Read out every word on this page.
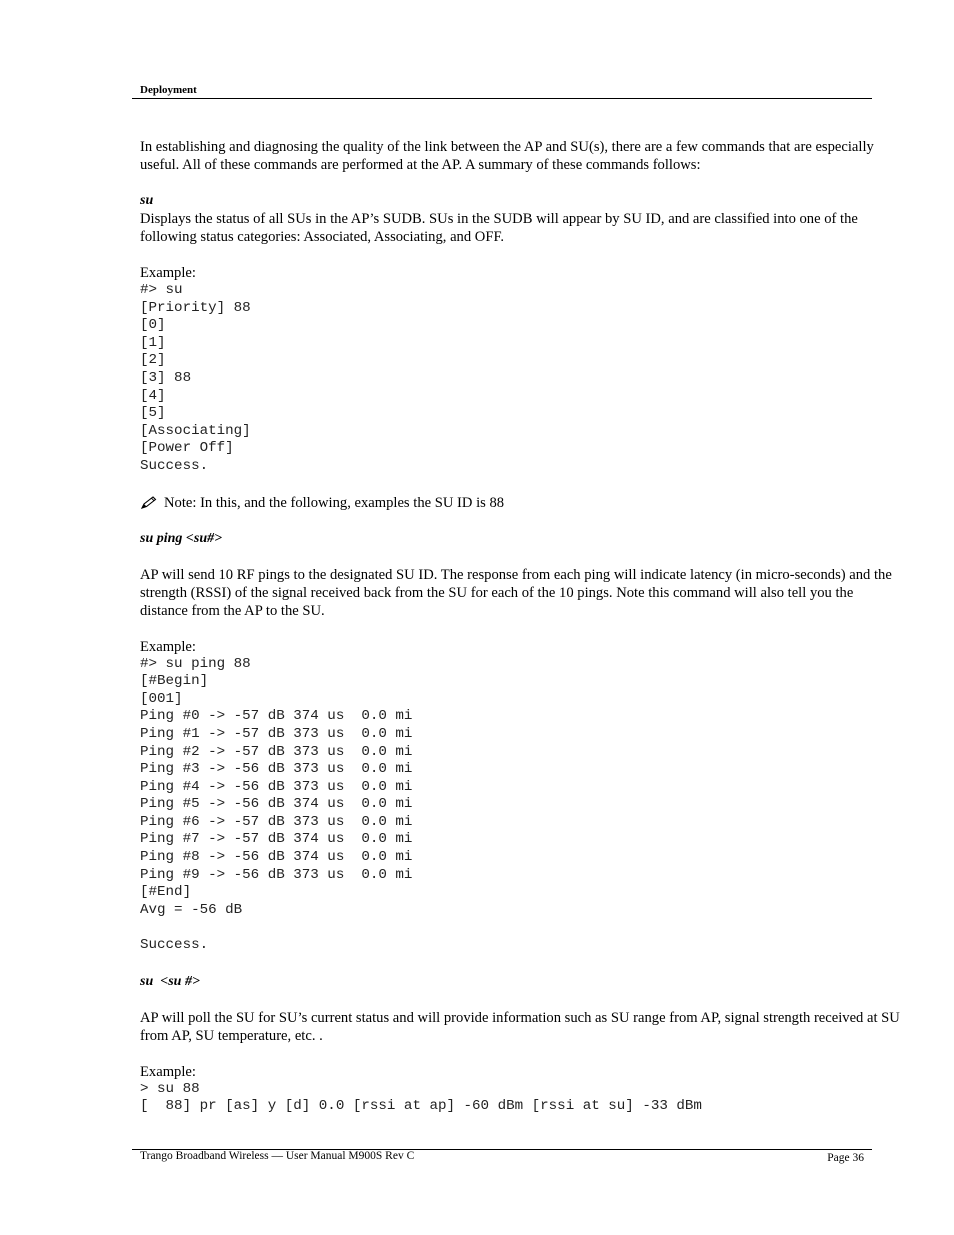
Deployment

In establishing and diagnosing the quality of the link between the AP and SU(s), there are a few commands that are especially useful. All of these commands are performed at the AP. A summary of these commands follows:

su

Displays the status of all SUs in the AP’s SUDB. SUs in the SUDB will appear by SU ID, and are classified into one of the following status categories: Associated, Associating, and OFF.

Example:

#> su

[Priority] 88

[0]

[1]

[2]

[3] 88

[4]

[5]

[Associating]

[Power Off]

Success.

Note: In this, and the following, examples the SU ID is 88

su ping <su#>

AP will send 10 RF pings to the designated SU ID. The response from each ping will indicate latency (in micro-seconds) and the strength (RSSI) of the signal received back from the SU for each of the 10 pings. Note this command will also tell you the distance from the AP to the SU.

Example:

#> su ping 88

[#Begin]

[001]

Ping #0 -> -57 dB 374 us  0.0 mi

Ping #1 -> -57 dB 373 us  0.0 mi

Ping #2 -> -57 dB 373 us  0.0 mi

Ping #3 -> -56 dB 373 us  0.0 mi

Ping #4 -> -56 dB 373 us  0.0 mi

Ping #5 -> -56 dB 374 us  0.0 mi

Ping #6 -> -57 dB 373 us  0.0 mi

Ping #7 -> -57 dB 374 us  0.0 mi

Ping #8 -> -56 dB 374 us  0.0 mi

Ping #9 -> -56 dB 373 us  0.0 mi

[#End]

Avg = -56 dB

Success.

su  <su #>

AP will poll the SU for SU’s current status and will provide information such as SU range from AP, signal strength received at SU from AP, SU temperature, etc. .

Example:

> su 88

[  88] pr [as] y [d] 0.0 [rssi at ap] -60 dBm [rssi at su] -33 dBm

Trango Broadband Wireless — User Manual M900S Rev C	Page 36
